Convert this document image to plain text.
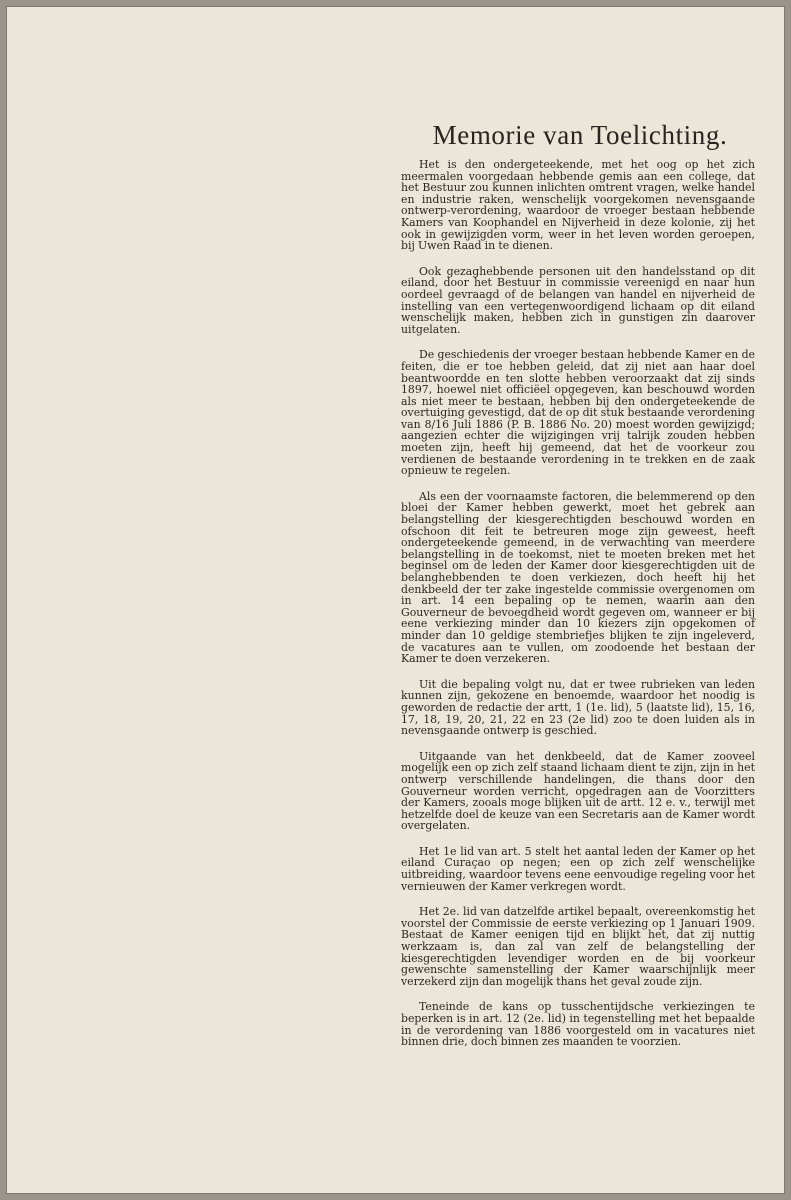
Memorie van Toelichting.

Het is den ondergeteekende, met het oog op het zich meermalen voorgedaan hebbende gemis aan een college, dat het Bestuur zou kunnen inlichten omtrent vragen, welke handel en industrie raken, wenschelijk voorgekomen nevensgaande ontwerp-verordening, waardoor de vroeger bestaan hebbende Kamers van Koophandel en Nijverheid in deze kolonie, zij het ook in gewijzigden vorm, weer in het leven worden geroepen, bij Uwen Raad in te dienen.

Ook gezaghebbende personen uit den handelsstand op dit eiland, door het Bestuur in commissie vereenigd en naar hun oordeel gevraagd of de belangen van handel en nijverheid de instelling van een vertegenwoordigend lichaam op dit eiland wenschelijk maken, hebben zich in gunstigen zin daarover uitgelaten.

De geschiedenis der vroeger bestaan hebbende Kamer en de feiten, die er toe hebben geleid, dat zij niet aan haar doel beantwoordde en ten slotte hebben veroorzaakt dat zij sinds 1897, hoewel niet officiëel opgegeven, kan beschouwd worden als niet meer te bestaan, hebben bij den ondergeteekende de overtuiging gevestigd, dat de op dit stuk bestaande verordening van 8/16 Juli 1886 (P. B. 1886 No. 20) moest worden gewijzigd; aangezien echter die wijzigingen vrij talrijk zouden hebben moeten zijn, heeft hij gemeend, dat het de voorkeur zou verdienen de bestaande verordening in te trekken en de zaak opnieuw te regelen.

Als een der voornaamste factoren, die belemmerend op den bloei der Kamer hebben gewerkt, moet het gebrek aan belangstelling der kiesgerechtigden beschouwd worden en ofschoon dit feit te betreuren moge zijn geweest, heeft ondergeteekende gemeend, in de verwachting van meerdere belangstelling in de toekomst, niet te moeten breken met het beginsel om de leden der Kamer door kiesgerechtigden uit de belanghebbenden te doen verkiezen, doch heeft hij het denkbeeld der ter zake ingestelde commissie overgenomen om in art. 14 een bepaling op te nemen, waarin aan den Gouverneur de bevoegdheid wordt gegeven om, wanneer er bij eene verkiezing minder dan 10 kiezers zijn opgekomen of minder dan 10 geldige stembriefjes blijken te zijn ingeleverd, de vacatures aan te vullen, om zoodoende het bestaan der Kamer te doen verzekeren.

Uit die bepaling volgt nu, dat er twee rubrieken van leden kunnen zijn, gekozene en benoemde, waardoor het noodig is geworden de redactie der artt, 1 (1e. lid), 5 (laatste lid), 15, 16, 17, 18, 19, 20, 21, 22 en 23 (2e lid) zoo te doen luiden als in nevensgaande ontwerp is geschied.

Uitgaande van het denkbeeld, dat de Kamer zooveel mogelijk een op zich zelf staand lichaam dient te zijn, zijn in het ontwerp verschillende handelingen, die thans door den Gouverneur worden verricht, opgedragen aan de Voorzitters der Kamers, zooals moge blijken uit de artt. 12 e. v., terwijl met hetzelfde doel de keuze van een Secretaris aan de Kamer wordt overgelaten.

Het 1e lid van art. 5 stelt het aantal leden der Kamer op het eiland Curaçao op negen; een op zich zelf wenschelijke uitbreiding, waardoor tevens eene eenvoudige regeling voor het vernieuwen der Kamer verkregen wordt.

Het 2e. lid van datzelfde artikel bepaalt, overeenkomstig het voorstel der Commissie de eerste verkiezing op 1 Januari 1909. Bestaat de Kamer eenigen tijd en blijkt het, dat zij nuttig werkzaam is, dan zal van zelf de belangstelling der kiesgerechtigden levendiger worden en de bij voorkeur gewenschte samenstelling der Kamer waarschijnlijk meer verzekerd zijn dan mogelijk thans het geval zoude zijn.

Teneinde de kans op tusschentijdsche verkiezingen te beperken is in art. 12 (2e. lid) in tegenstelling met het bepaalde in de verordening van 1886 voorgesteld om in vacatures niet binnen drie, doch binnen zes maanden te voorzien.
